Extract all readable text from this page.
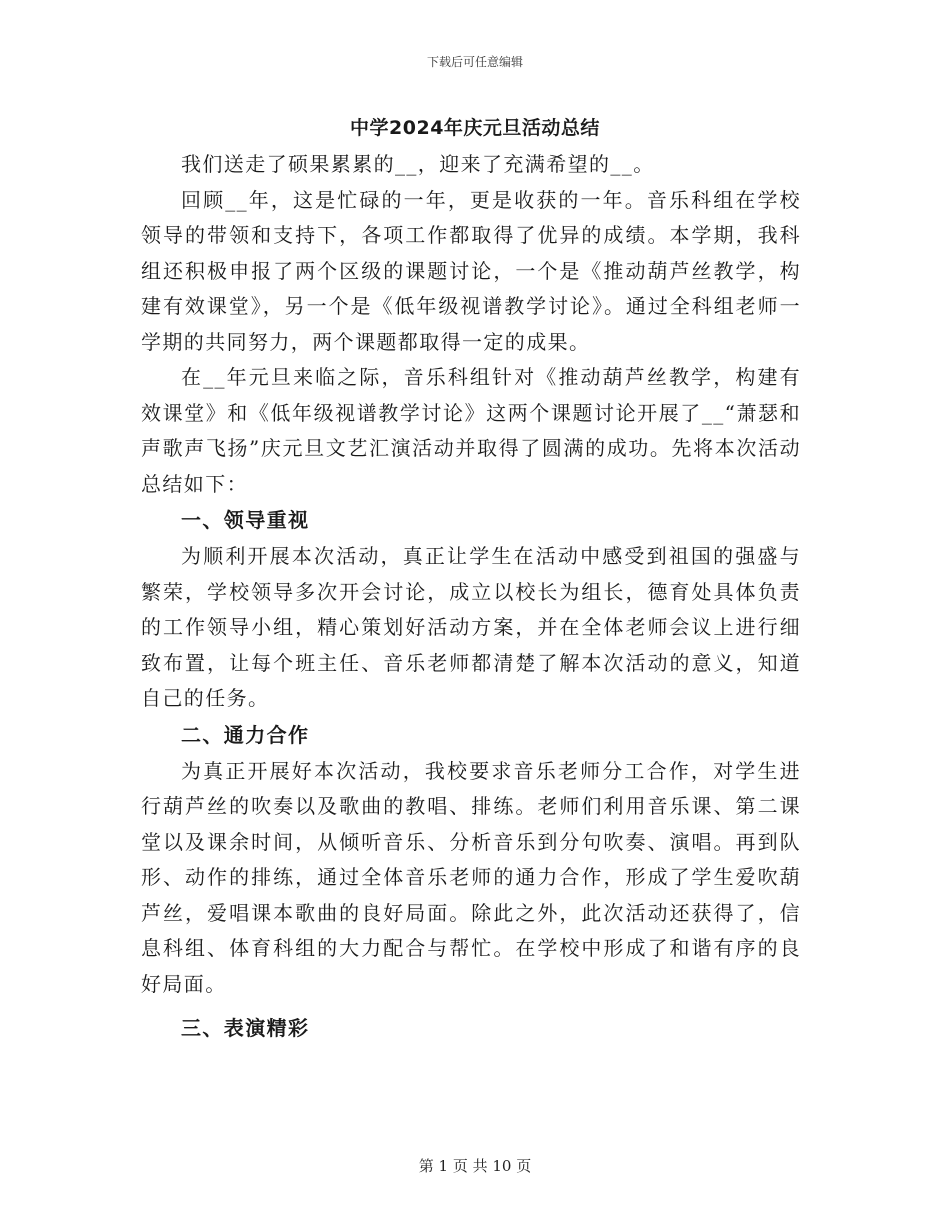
下载后可任意编辑
中学2024年庆元旦活动总结

我们送走了硕果累累的__，迎来了充满希望的__。

回顾__年，这是忙碌的一年，更是收获的一年。音乐科组在学校领导的带领和支持下，各项工作都取得了优异的成绩。本学期，我科组还积极申报了两个区级的课题讨论，一个是《推动葫芦丝教学，构建有效课堂》，另一个是《低年级视谱教学讨论》。通过全科组老师一学期的共同努力，两个课题都取得一定的成果。

在__年元旦来临之际，音乐科组针对《推动葫芦丝教学，构建有效课堂》和《低年级视谱教学讨论》这两个课题讨论开展了__“萧瑟和声歌声飞扬”庆元旦文艺汇演活动并取得了圆满的成功。先将本次活动总结如下：

一、领导重视

为顺利开展本次活动，真正让学生在活动中感受到祖国的强盛与繁荣，学校领导多次开会讨论，成立以校长为组长，德育处具体负责的工作领导小组，精心策划好活动方案，并在全体老师会议上进行细致布置，让每个班主任、音乐老师都清楚了解本次活动的意义，知道自己的任务。

二、通力合作

为真正开展好本次活动，我校要求音乐老师分工合作，对学生进行葫芦丝的吹奏以及歌曲的教唱、排练。老师们利用音乐课、第二课堂以及课余时间，从倾听音乐、分析音乐到分句吹奏、演唱。再到队形、动作的排练，通过全体音乐老师的通力合作，形成了学生爱吹葫芦丝，爱唱课本歌曲的良好局面。除此之外，此次活动还获得了，信息科组、体育科组的大力配合与帮忙。在学校中形成了和谐有序的良好局面。

三、表演精彩

第 1 页 共 10 页
